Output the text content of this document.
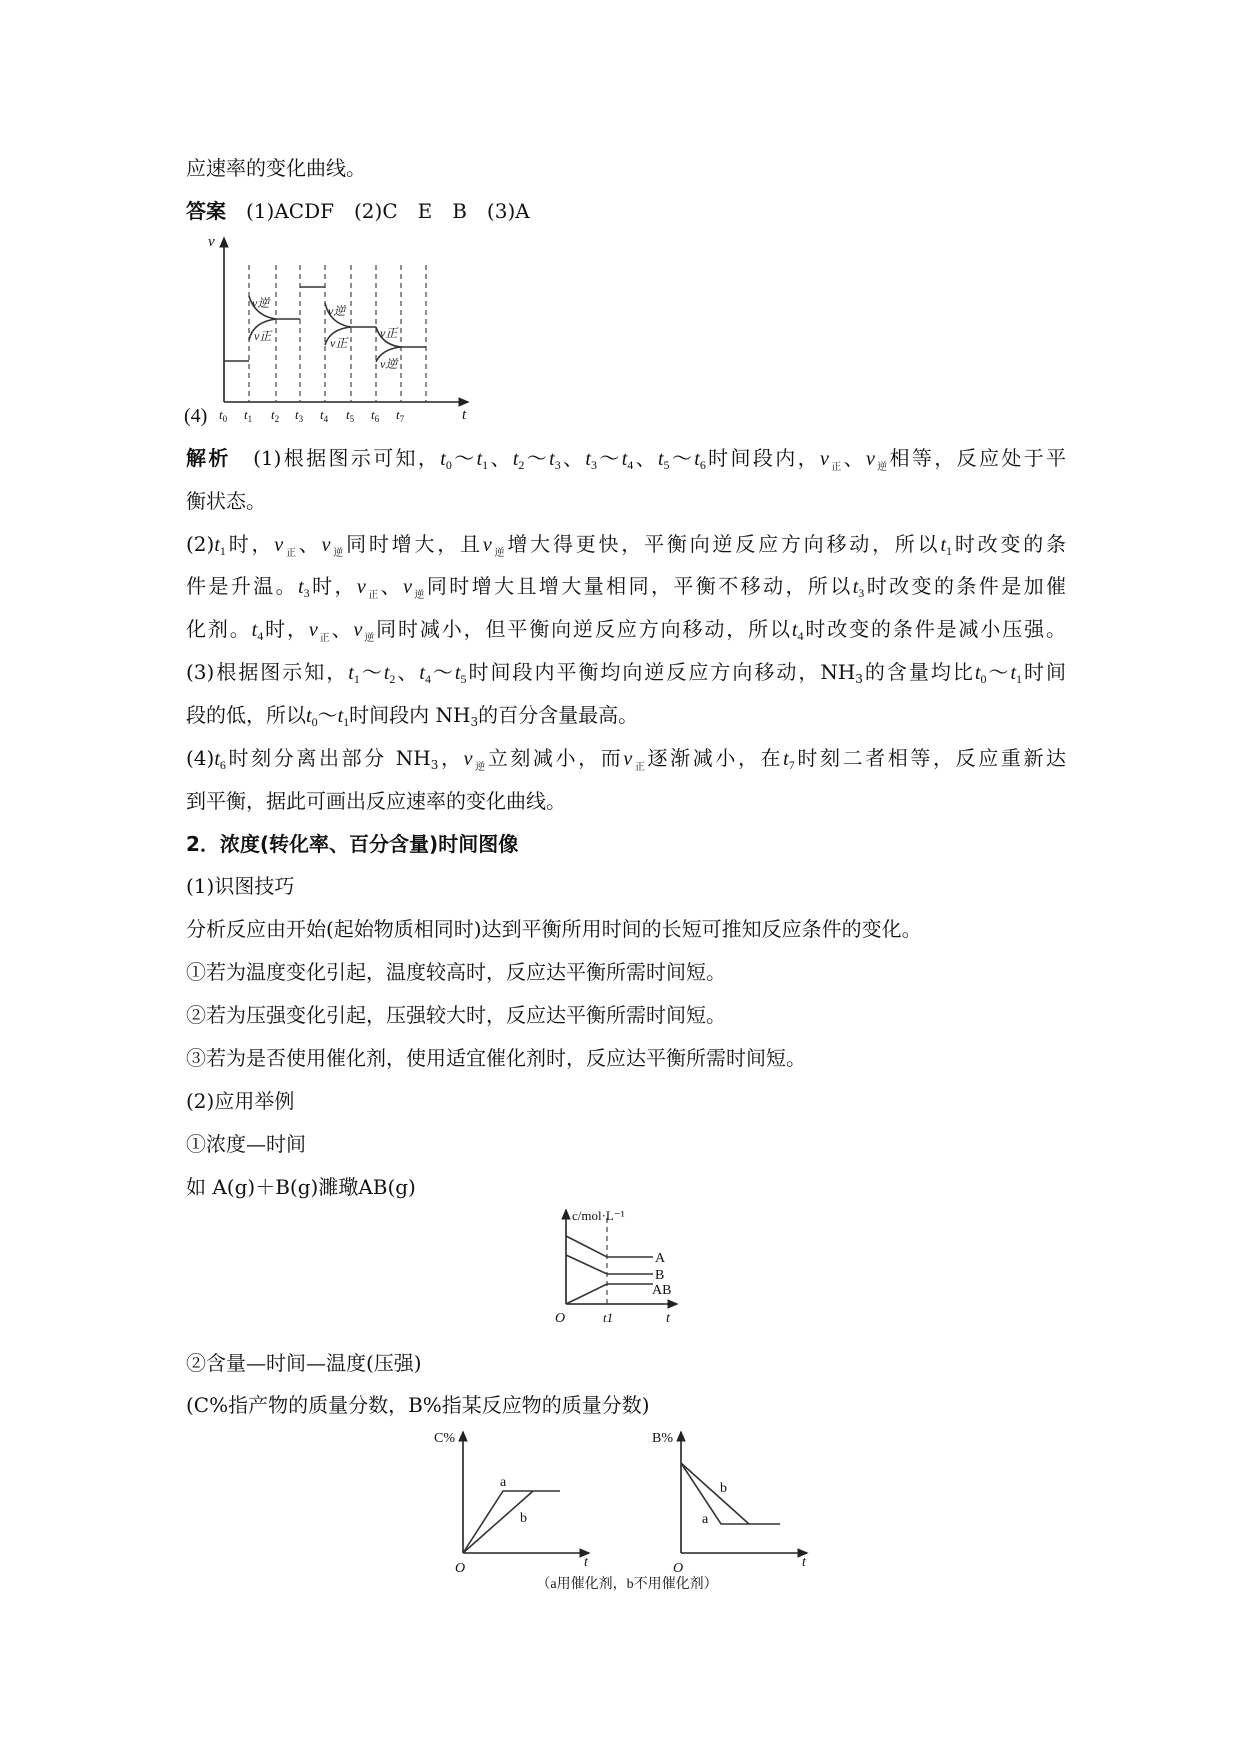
应速率的变化曲线。
答案　(1)ACDF　(2)C　E　B　(3)A
解析　(1)根据图示可知，$t_0\sim t_1$、$t_2\sim t_3$、$t_3\sim t_4$、$t_5\sim t_6$时间段内，$v_正$、$v_逆$相等，反应处于平
衡状态。
$(2)t_1$时，$v_正$、$v_逆$同时增大，且$v_逆$增大得更快，平衡向逆反应方向移动，所以$t_1$时改变的条
件是升温。$t_3$时，$v_正$、$v_逆$同时增大且增大量相同，平衡不移动，所以$t_3$时改变的条件是加催
化剂。$t_4$时，$v_正$、$v_逆$同时减小，但平衡向逆反应方向移动，所以$t_4$时改变的条件是减小压强。
(3)根据图示知，$t_1\sim t_2$、$t_4\sim t_5$时间段内平衡均向逆反应方向移动，$NH_3$的含量均比$t_0\sim t_1$时间
段的低，所以$t_0\sim t_1$时间段内 $NH_3$的百分含量最高。
$(4)t_6$时刻分离出部分 $NH_3$，$v_逆$立刻减小，而$v_正$逐渐减小，在$t_7$时刻二者相等，反应重新达
到平衡，据此可画出反应速率的变化曲线。
2．浓度(转化率、百分含量)时间图像
(1)识图技巧
分析反应由开始(起始物质相同时)达到平衡所用时间的长短可推知反应条件的变化。
①若为温度变化引起，温度较高时，反应达平衡所需时间短。
②若为压强变化引起，压强较大时，反应达平衡所需时间短。
③若为是否使用催化剂，使用适宜催化剂时，反应达平衡所需时间短。
(2)应用举例
①浓度—时间
如 A(g)＋B(g)濉璥AB(g)
②含量—时间—温度(压强)
(C%指产物的质量分数，B%指某反应物的质量分数)
(4)
v
t
v逆
v正
v逆
v正
v正
v逆
$t_0$ $t_1$ $t_2$ $t_3$ $t_4$ $t_5$ $t_6$ $t_7$
c/mol·L⁻¹
A
B
AB
O	t1	t
C%
a
b
O	t
B%
b
a
O	t
（a用催化剂，b不用催化剂）
